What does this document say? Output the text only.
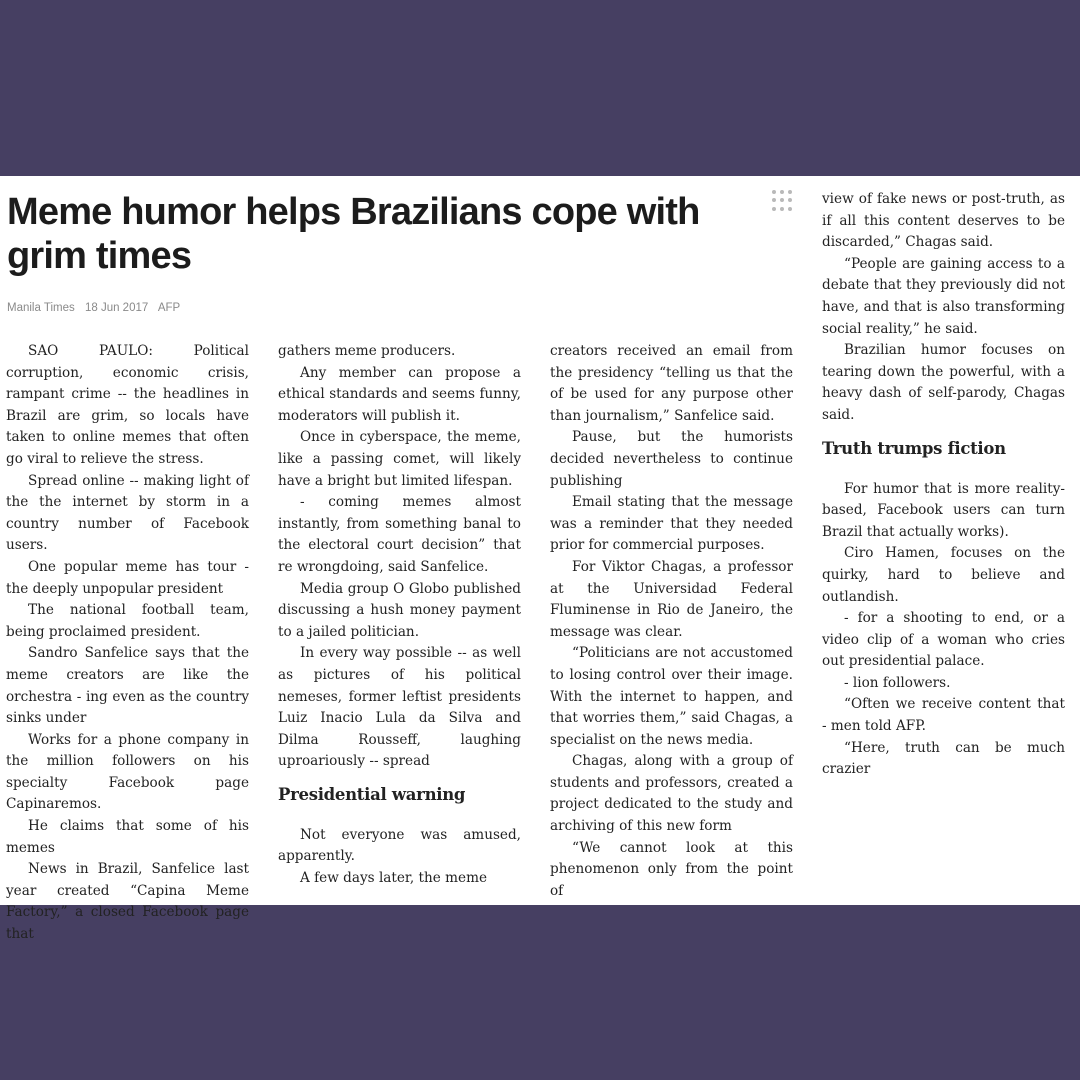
Meme humor helps Brazilians cope with grim times
Manila Times 18 Jun 2017 AFP

SAO PAULO: Political corruption, economic crisis, rampant crime -- the headlines in Brazil are grim, so locals have taken to online memes that often go viral to relieve the stress.

Spread online -- making light of the the internet by storm in a country number of Facebook users.

One popular meme has tour - the deeply unpopular president

The national football team, being proclaimed president.

Sandro Sanfelice says that the meme creators are like the orchestra - ing even as the country sinks under

Works for a phone company in the million followers on his specialty Facebook page Capinaremos.

He claims that some of his memes

News in Brazil, Sanfelice last year created “Capina Meme Factory,” a closed Facebook page that

gathers meme producers.

Any member can propose a ethical standards and seems funny, moderators will publish it.

Once in cyberspace, the meme, like a passing comet, will likely have a bright but limited lifespan.

- coming memes almost instantly, from something banal to the electoral court decision” that re wrongdoing, said Sanfelice.

Media group O Globo published discussing a hush money payment to a jailed politician.

In every way possible -- as well as pictures of his political nemeses, former leftist presidents Luiz Inacio Lula da Silva and Dilma Rousseff, laughing uproariously -- spread

Presidential warning

Not everyone was amused, apparently.

A few days later, the meme

creators received an email from the presidency “telling us that the of be used for any purpose other than journalism,” Sanfelice said.

Pause, but the humorists decided nevertheless to continue publishing

Email stating that the message was a reminder that they needed prior for commercial purposes.

For Viktor Chagas, a professor at the Universidad Federal Fluminense in Rio de Janeiro, the message was clear.

“Politicians are not accustomed to losing control over their image. With the internet to happen, and that worries them,” said Chagas, a specialist on the news media.

Chagas, along with a group of students and professors, created a project dedicated to the study and archiving of this new form

“We cannot look at this phenomenon only from the point of

view of fake news or post-truth, as if all this content deserves to be discarded,” Chagas said.

“People are gaining access to a debate that they previously did not have, and that is also transforming social reality,” he said.

Brazilian humor focuses on tearing down the powerful, with a heavy dash of self-parody, Chagas said.

Truth trumps fiction

For humor that is more reality-based, Facebook users can turn Brazil that actually works).

Ciro Hamen, focuses on the quirky, hard to believe and outlandish.

- for a shooting to end, or a video clip of a woman who cries out presidential palace.

- lion followers.

“Often we receive content that - men told AFP.

“Here, truth can be much crazier
